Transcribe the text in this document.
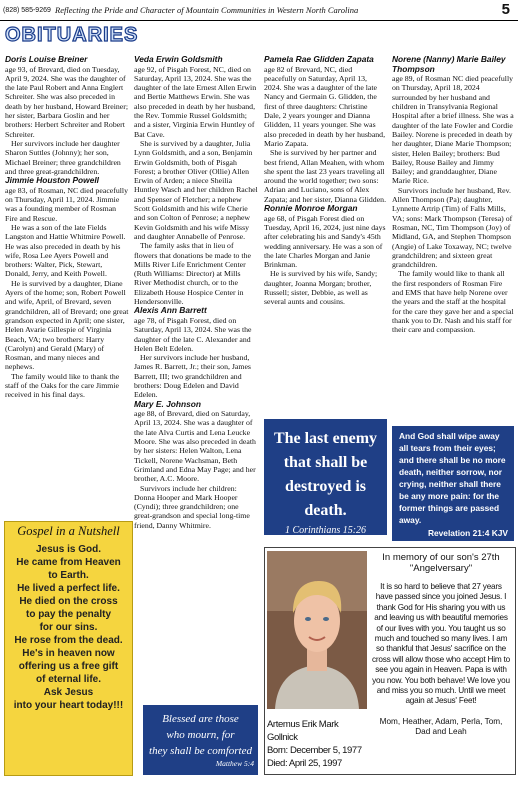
(828) 585-9269 Reflecting the Pride and Character of Mountain Communities in Western North Carolina	5
OBITUARIES
Doris Louise Breiner

age 93, of Brevard, died on Tuesday, April 9, 2024. She was the daughter of the late Paul Robert and Anna Englert Schreiter. She was also preceded in death by her husband, Howard Breiner; her sister, Barbara Goslin and her brothers: Herbert Schreiter and Robert Schreiter.

Her survivors include her daughter Sharon Suttles (Johnny); her son, Michael Breiner; three grandchildren and three great-grandchildren.

Jimmie Houston Powell

age 83, of Rosman, NC died peacefully on Thursday, April 11, 2024. Jimmie was a founding member of Rosman Fire and Rescue.

He was a son of the late Fields Langston and Hattie Whitmire Powell. He was also preceded in death by his wife, Rosa Lee Ayers Powell and brothers: Walter, Pick, Stewart, Donald, Jerry, and Keith Powell.

He is survived by a daughter, Diane Ayers of the home; son, Robert Powell and wife, April, of Brevard, seven grandchildren, all of Brevard; one great grandson expected in April; one sister, Helen Avarie Gillespie of Virginia Beach, VA; two brothers: Harry (Carolyn) and Gerald (Mary) of Rosman, and many nieces and nephews.

The family would like to thank the staff of the Oaks for the care Jimmie received in his final days.

Veda Erwin Goldsmith

age 92, of Pisgah Forest, NC, died on Saturday, April 13, 2024. She was the daughter of the late Ernest Allen Erwin and Bertie Matthews Erwin. She was also preceded in death by her husband, the Rev. Tommie Russel Goldsmith; and a sister, Virginia Erwin Huntley of Bat Cave.

She is survived by a daughter, Julia Lynn Goldsmith, and a son, Benjamin Erwin Goldsmith, both of Pisgah Forest; a brother Oliver (Ollie) Allen Erwin of Arden; a niece Sheilia Huntley Wasch and her children Rachel and Spenser of Fletcher; a nephew Scott Goldsmith and his wife Cherie and son Colton of Penrose; a nephew Kevin Goldsmith and his wife Missy and daughter Annabelle of Penrose.

The family asks that in lieu of flowers that donations be made to the Mills River Life Enrichment Center (Ruth Williams: Director) at Mills River Methodist church, or to the Elizabeth House Hospice Center in Hendersonville.

Alexis Ann Barrett

age 78, of Pisgah Forest, died on Saturday, April 13, 2024. She was the daughter of the late C. Alexander and Helen Belt Edelen.

Her survivors include her husband, James R. Barrett, Jr.; their son, James Barrett, III; two grandchildren and brothers: Doug Edelen and David Edelen.

Mary E. Johnson

age 88, of Brevard, died on Saturday, April 13, 2024. She was a daughter of the late Alva Curtis and Lena Leucke Moore. She was also preceded in death by her sisters: Helen Walton, Lena Tickell, Norene Wachsman, Beth Grimland and Edna May Page; and her brother, A.C. Moore.

Survivors include her children: Donna Hooper and Mark Hooper (Cyndi); three grandchildren; one great-grandson and special long-time friend, Danny Whitmire.

Pamela Rae Glidden Zapata

age 82 of Brevard, NC, died peacefully on Saturday, April 13, 2024. She was a daughter of the late Nancy and Germain G. Glidden, the first of three daughters: Christine Dale, 2 years younger and Dianna Glidden, 11 years younger. She was also preceded in death by her husband, Mario Zapata.

She is survived by her partner and best friend, Allan Meahen, with whom she spent the last 23 years traveling all around the world together; two sons: Adrian and Luciano, sons of Alex Zapata; and her sister, Dianna Glidden.

Ronnie Monroe Morgan

age 68, of Pisgah Forest died on Tuesday, April 16, 2024, just nine days after celebrating his and Sandy's 45th wedding anniversary. He was a son of the late Charles Morgan and Janie Brinkman.

He is survived by his wife, Sandy; daughter, Joanna Morgan; brother, Russell; sister, Debbie, as well as several aunts and cousins.

Norene (Nanny) Marie Bailey Thompson

age 89, of Rosman NC died peacefully on Thursday, April 18, 2024 surrounded by her husband and children in Transylvania Regional Hospital after a brief illness. She was a daughter of the late Fowler and Cordie Bailey. Norene is preceded in death by her daughter, Diane Marie Thompson; sister, Helen Bailey; brothers: Bud Bailey, Rouse Bailey and Jimmy Bailey; and granddaughter, Diane Marie Rice.

Survivors include her husband, Rev. Allen Thompson (Pa); daughter, Lynnette Artrip (Tim) of Falls Mills, VA; sons: Mark Thompson (Teresa) of Rosman, NC, Tim Thompson (Joy) of Midland, GA, and Stephen Thompson (Angie) of Lake Toxaway, NC; twelve grandchildren; and sixteen great grandchildren.

The family would like to thank all the first responders of Rosman Fire and EMS that have help Norene over the years and the staff at the hospital for the care they gave her and a special thank you to Dr. Nash and his staff for their care and compassion.

Gospel in a Nutshell
Jesus is God.
He came from Heaven
to Earth.
He lived a perfect life.
He died on the cross
to pay the penalty
for our sins.
He rose from the dead.
He's in heaven now
offering us a free gift
of eternal life.
Ask Jesus
into your heart today!!!
The last enemy
that shall be
destroyed is death.
1 Corinthians 15:26
And God shall wipe away all tears from their eyes; and there shall be no more death, neither sorrow, nor crying, neither shall there be any more pain: for the former things are passed away.
Revelation 21:4 KJV
Blessed are those
who mourn, for
they shall be comforted
Matthew 5:4
Artemus Erik Mark Gollnick
Born: December 5, 1977
Died: April 25, 1997
In memory of our son's 27th
"Angelversary"
It is so hard to believe that 27 years have passed since you joined Jesus. I thank God for His sharing you with us and leaving us with beautiful memories of our lives with you. You taught us so much and touched so many lives. I am so thankful that Jesus' sacrifice on the cross will allow those who accept Him to see you again in Heaven. Papa is with you now. You both behave! We love you and miss you so much. Until we meet again at Jesus' Feet!
Mom, Heather, Adam, Perla, Tom,
Dad and Leah
